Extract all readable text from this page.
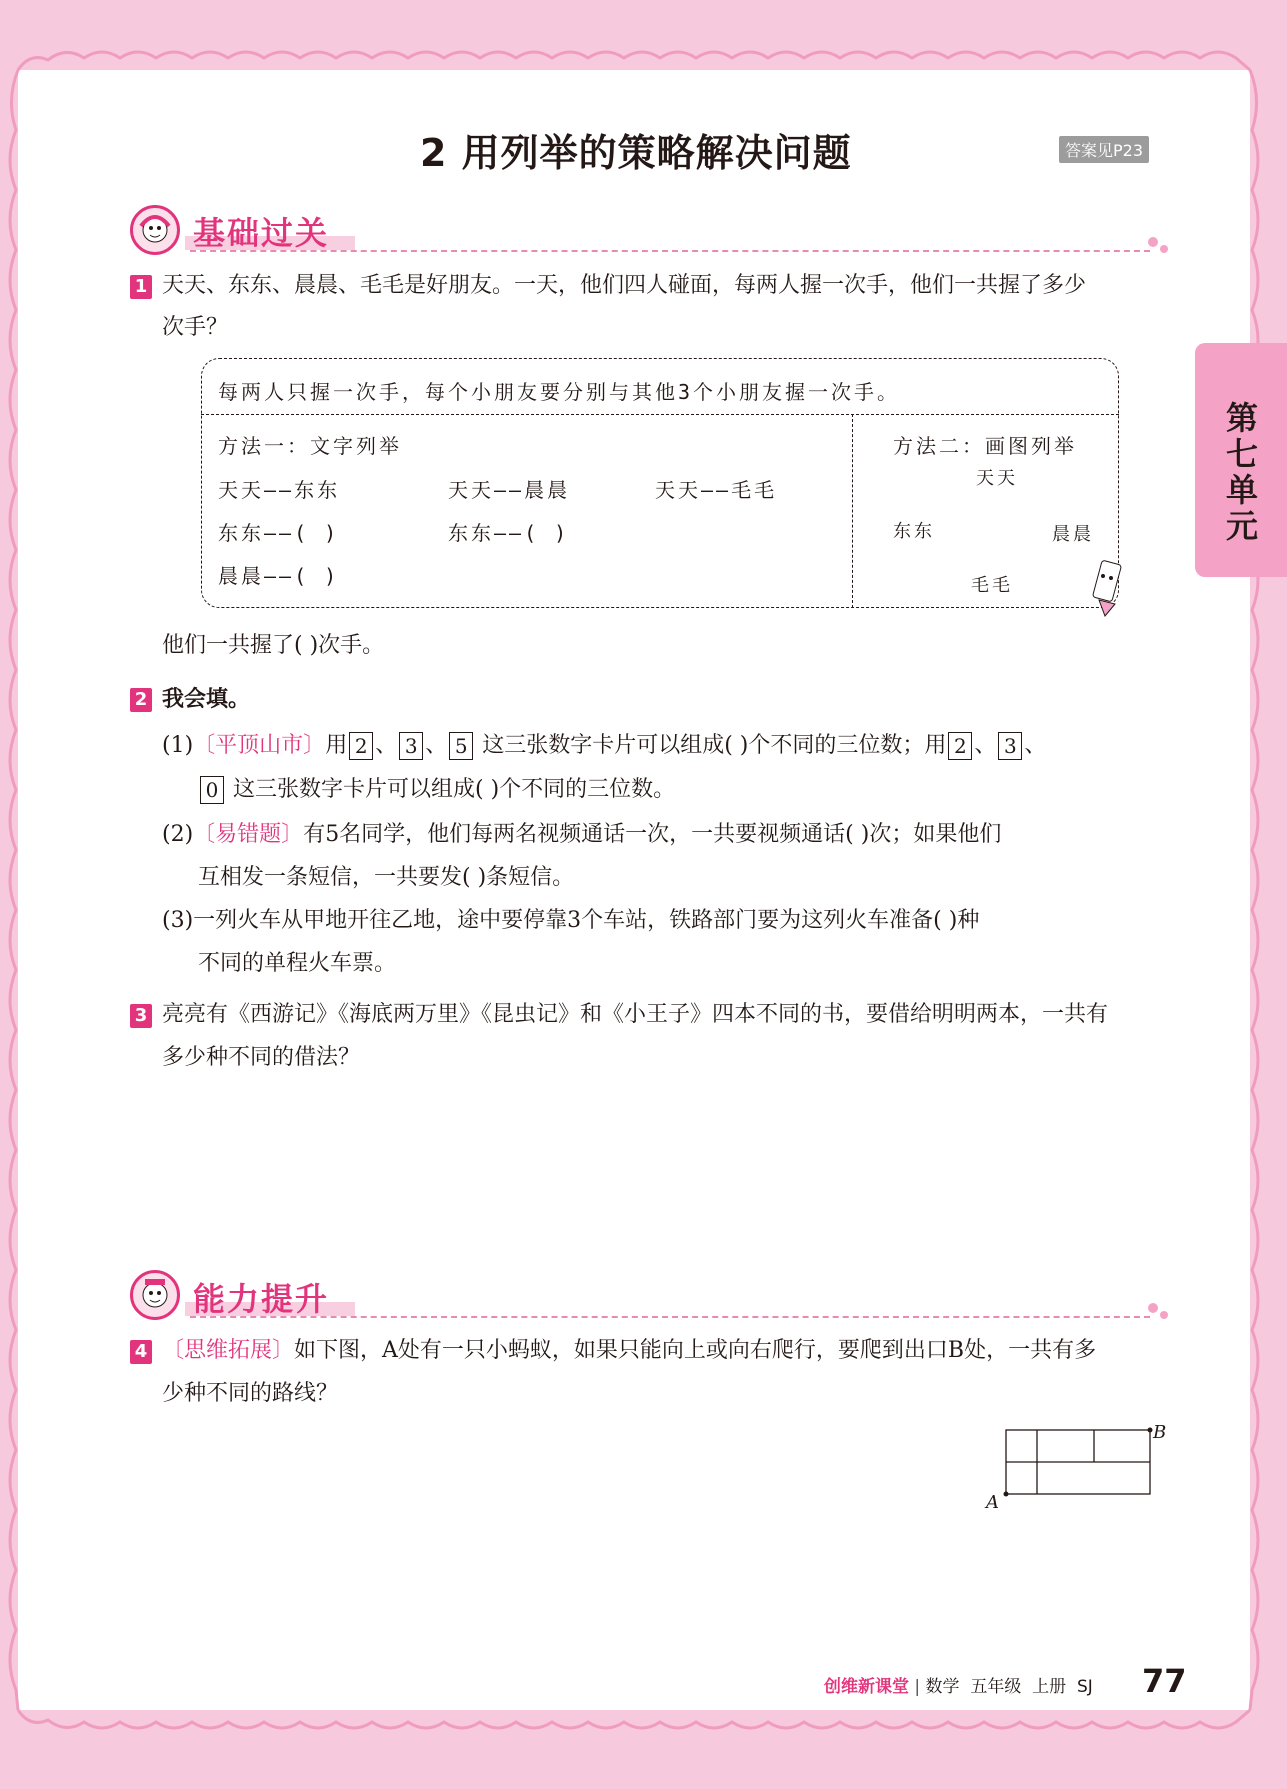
第七单元
2 用列举的策略解决问题	答案见P23
基础过关
1 天天、东东、晨晨、毛毛是好朋友。一天，他们四人碰面，每两人握一次手，他们一共握了多少
次手？
每两人只握一次手，每个小朋友要分别与其他3个小朋友握一次手。
方法一：文字列举
天天——东东	天天——晨晨	天天——毛毛
东东——( )	东东——( )
晨晨——( )
方法二：画图列举
天天
东东	晨晨
毛毛
他们一共握了( )次手。
2 我会填。
(1)〔平顶山市〕用 2 、 3 、 5 这三张数字卡片可以组成( )个不同的三位数；用 2 、 3 、
0 这三张数字卡片可以组成( )个不同的三位数。
(2)〔易错题〕有5名同学，他们每两名视频通话一次，一共要视频通话( )次；如果他们
互相发一条短信，一共要发( )条短信。
(3)一列火车从甲地开往乙地，途中要停靠3个车站，铁路部门要为这列火车准备( )种
不同的单程火车票。
3 亮亮有《西游记》《海底两万里》《昆虫记》和《小王子》四本不同的书，要借给明明两本，一共有
多少种不同的借法？
能力提升
4 〔思维拓展〕如下图，A处有一只小蚂蚁，如果只能向上或向右爬行，要爬到出口B处，一共有多
少种不同的路线？
A
B
创维新课堂 | 数学 五年级 上册 SJ 77
